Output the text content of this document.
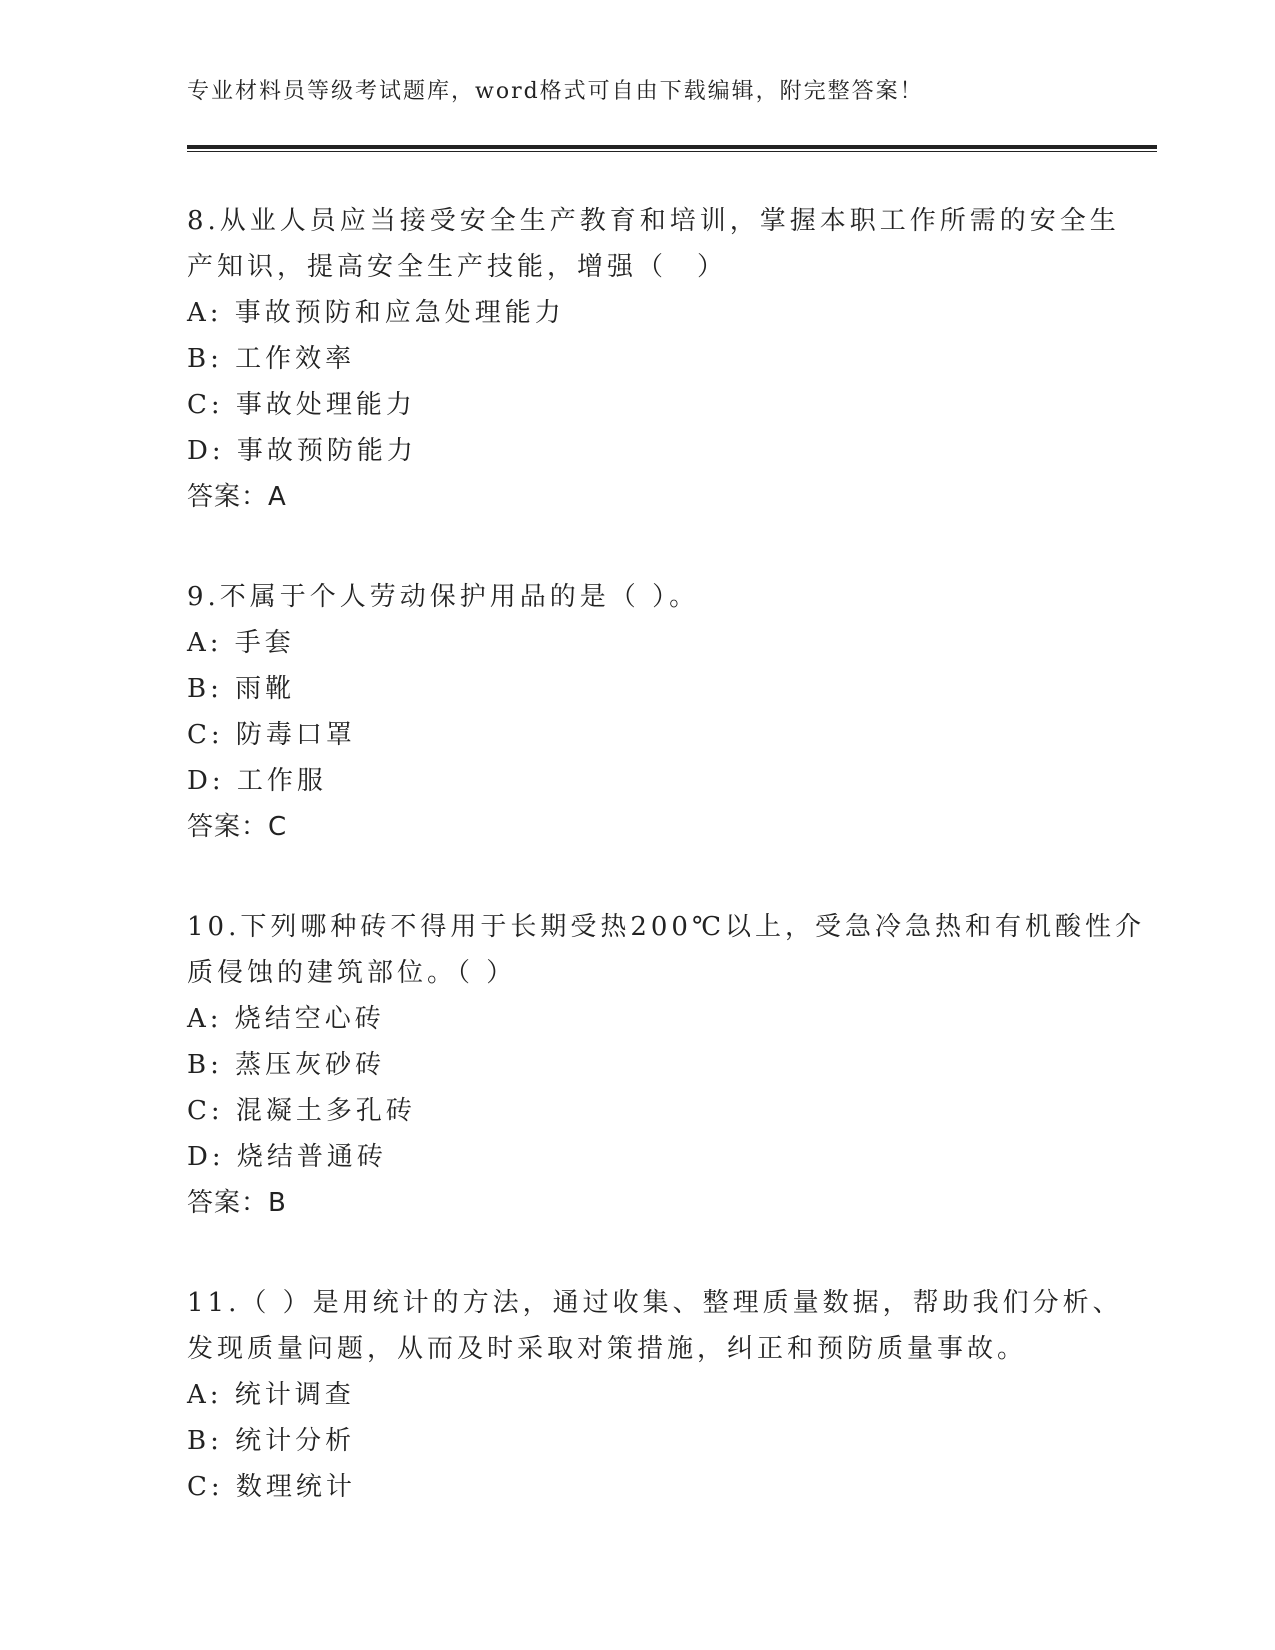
专业材料员等级考试题库，word格式可自由下载编辑，附完整答案！

8.从业人员应当接受安全生产教育和培训，掌握本职工作所需的安全生产知识，提高安全生产技能，增强（　）

A: 事故预防和应急处理能力

B: 工作效率

C: 事故处理能力

D: 事故预防能力

答案：A

9.不属于个人劳动保护用品的是（ ）。

A: 手套

B: 雨靴

C: 防毒口罩

D: 工作服

答案：C

10.下列哪种砖不得用于长期受热200℃以上，受急冷急热和有机酸性介质侵蚀的建筑部位。（ ）

A: 烧结空心砖

B: 蒸压灰砂砖

C: 混凝土多孔砖

D: 烧结普通砖

答案：B

11.（ ）是用统计的方法，通过收集、整理质量数据，帮助我们分析、发现质量问题，从而及时采取对策措施，纠正和预防质量事故。

A: 统计调查

B: 统计分析

C: 数理统计
